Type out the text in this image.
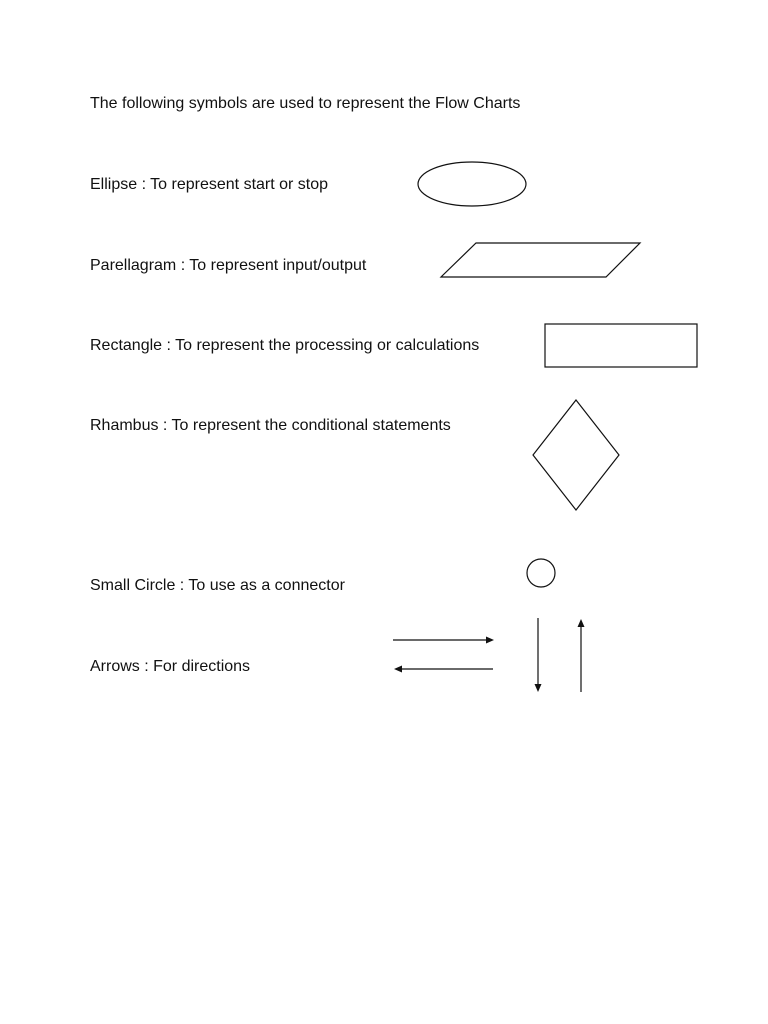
The following symbols are used to represent the Flow Charts
Ellipse : To represent start or stop
Parellagram : To represent input/output
Rectangle : To represent the processing or calculations
Rhambus : To represent the conditional statements
Small Circle : To use as a connector
Arrows : For directions
